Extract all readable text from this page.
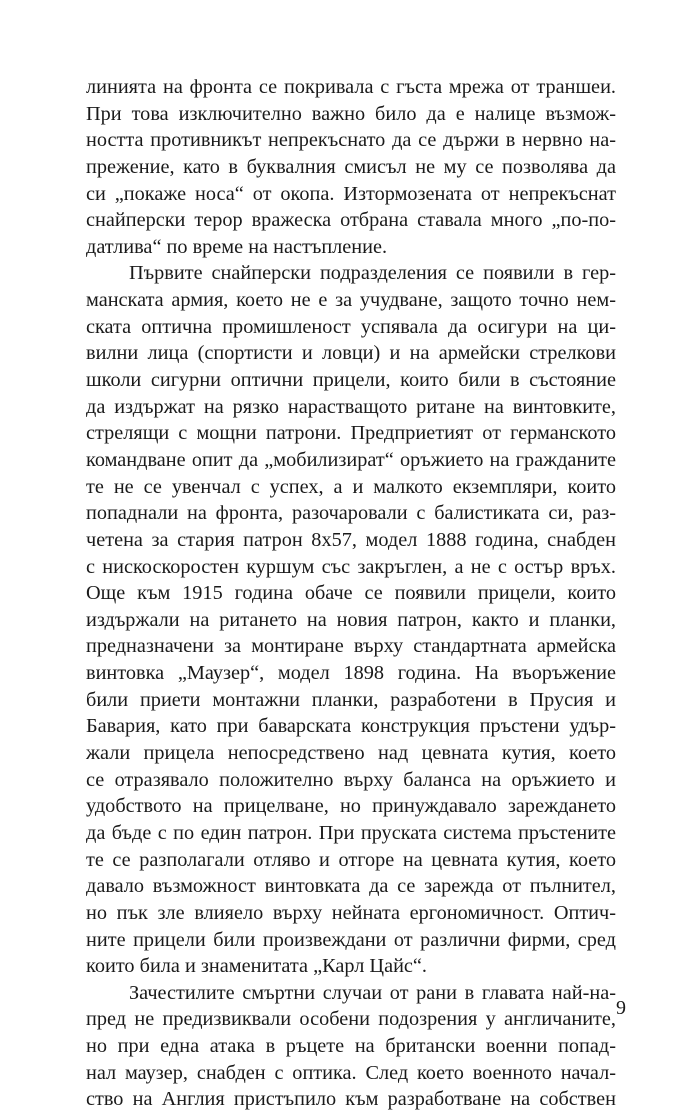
линията на фронта се покривала с гъста мрежа от траншеи.
При това изключително важно било да е налице възмож-
ността противникът непрекъснато да се държи в нервно на-
прежение, като в буквалния смисъл не му се позволява да
си „покаже носа“ от окопа. Изтормозената от непрекъснат
снайперски терор вражеска отбрана ставала много „по-по-
датлива“ по време на настъпление.
Първите снайперски подразделения се появили в гер-
манската армия, което не е за учудване, защото точно нем-
ската оптична промишленост успявала да осигури на ци-
вилни лица (спортисти и ловци) и на армейски стрелкови
школи сигурни оптични прицели, които били в състояние
да издържат на рязко нарастващото ритане на винтовките,
стрелящи с мощни патрони. Предприетият от германското
командване опит да „мобилизират“ оръжието на гражданите
те не се увенчал с успех, а и малкото екземпляри, които
попаднали на фронта, разочаровали с балистиката си, раз-
четена за стария патрон 8х57, модел 1888 година, снабден
с нискоскоростен куршум със закръглен, а не с остър връх.
Още към 1915 година обаче се появили прицели, които
издържали на ритането на новия патрон, както и планки,
предназначени за монтиране върху стандартната армейска
винтовка „Маузер“, модел 1898 година. На въоръжение
били приети монтажни планки, разработени в Прусия и
Бавария, като при баварската конструкция пръстени удър-
жали прицела непосредствено над цевната кутия, което
се отразявало положително върху баланса на оръжието и
удобството на прицелване, но принуждавало зареждането
да бъде с по един патрон. При пруската система пръстените
те се разполагали отляво и отгоре на цевната кутия, което
давало възможност винтовката да се зарежда от пълнител,
но пък зле влияело върху нейната ергономичност. Оптич-
ните прицели били произвеждани от различни фирми, сред
които била и знаменитата „Карл Цайс“.
Зачестилите смъртни случаи от рани в главата най-на-
пред не предизвиквали особени подозрения у англичаните,
но при една атака в ръцете на британски военни попад-
нал маузер, снабден с оптика. След което военното начал-
ство на Англия пристъпило към разработване на собствен
9
